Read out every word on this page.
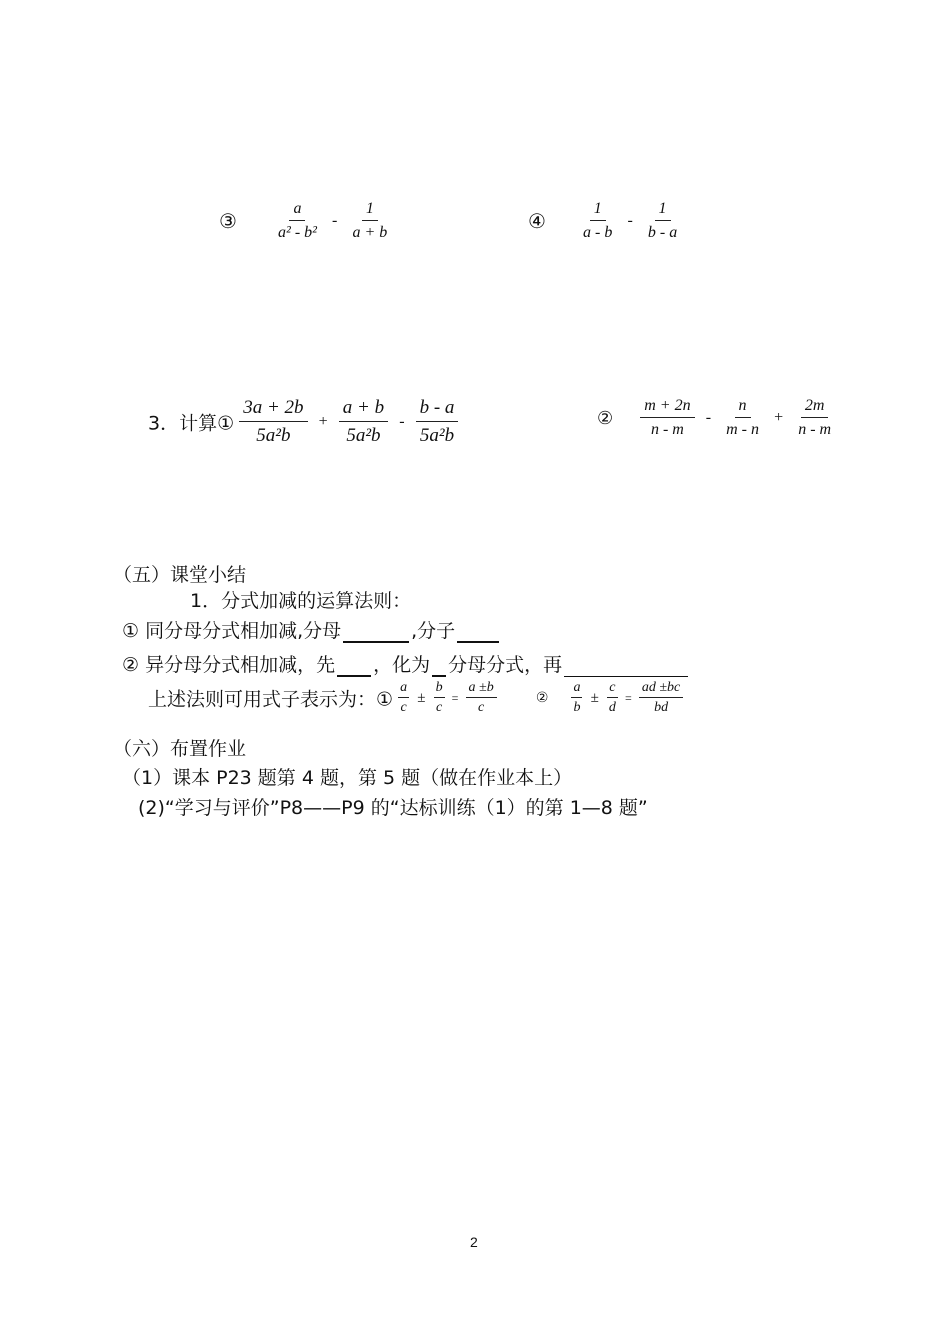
③ $\frac{a}{\text{a² - b²}} - \frac{1}{a + b}$	④ $\frac{1}{a - b} - \frac{1}{b - a}$
3．计算① $\frac{3a + 2b}{\text{5a²b}} + \frac{a + b}{\text{5a²b}} - \frac{b - a}{\text{5a²b}}$	② $\frac{m + 2n}{n - m} - \frac{n}{m - n} + \frac{2m}{n - m}$
（五）课堂小结
1．分式加减的运算法则：
① 同分母分式相加减,分母	,分子
② 异分母分式相加减，先 ，化为 分母分式，再
上述法则可用式子表示为：① $\frac{a}{c} \pm \frac{b}{c} = \frac{a \pm b}{c}$	② $\frac{a}{b} \pm \frac{c}{d} = \frac{ad \pm bc}{bd}$
（六）布置作业
（1）课本 P23 题第 4 题，第 5 题（做在作业本上）
(2)“学习与评价”P8——P9 的“达标训练（1）的第 1—8 题”
2
